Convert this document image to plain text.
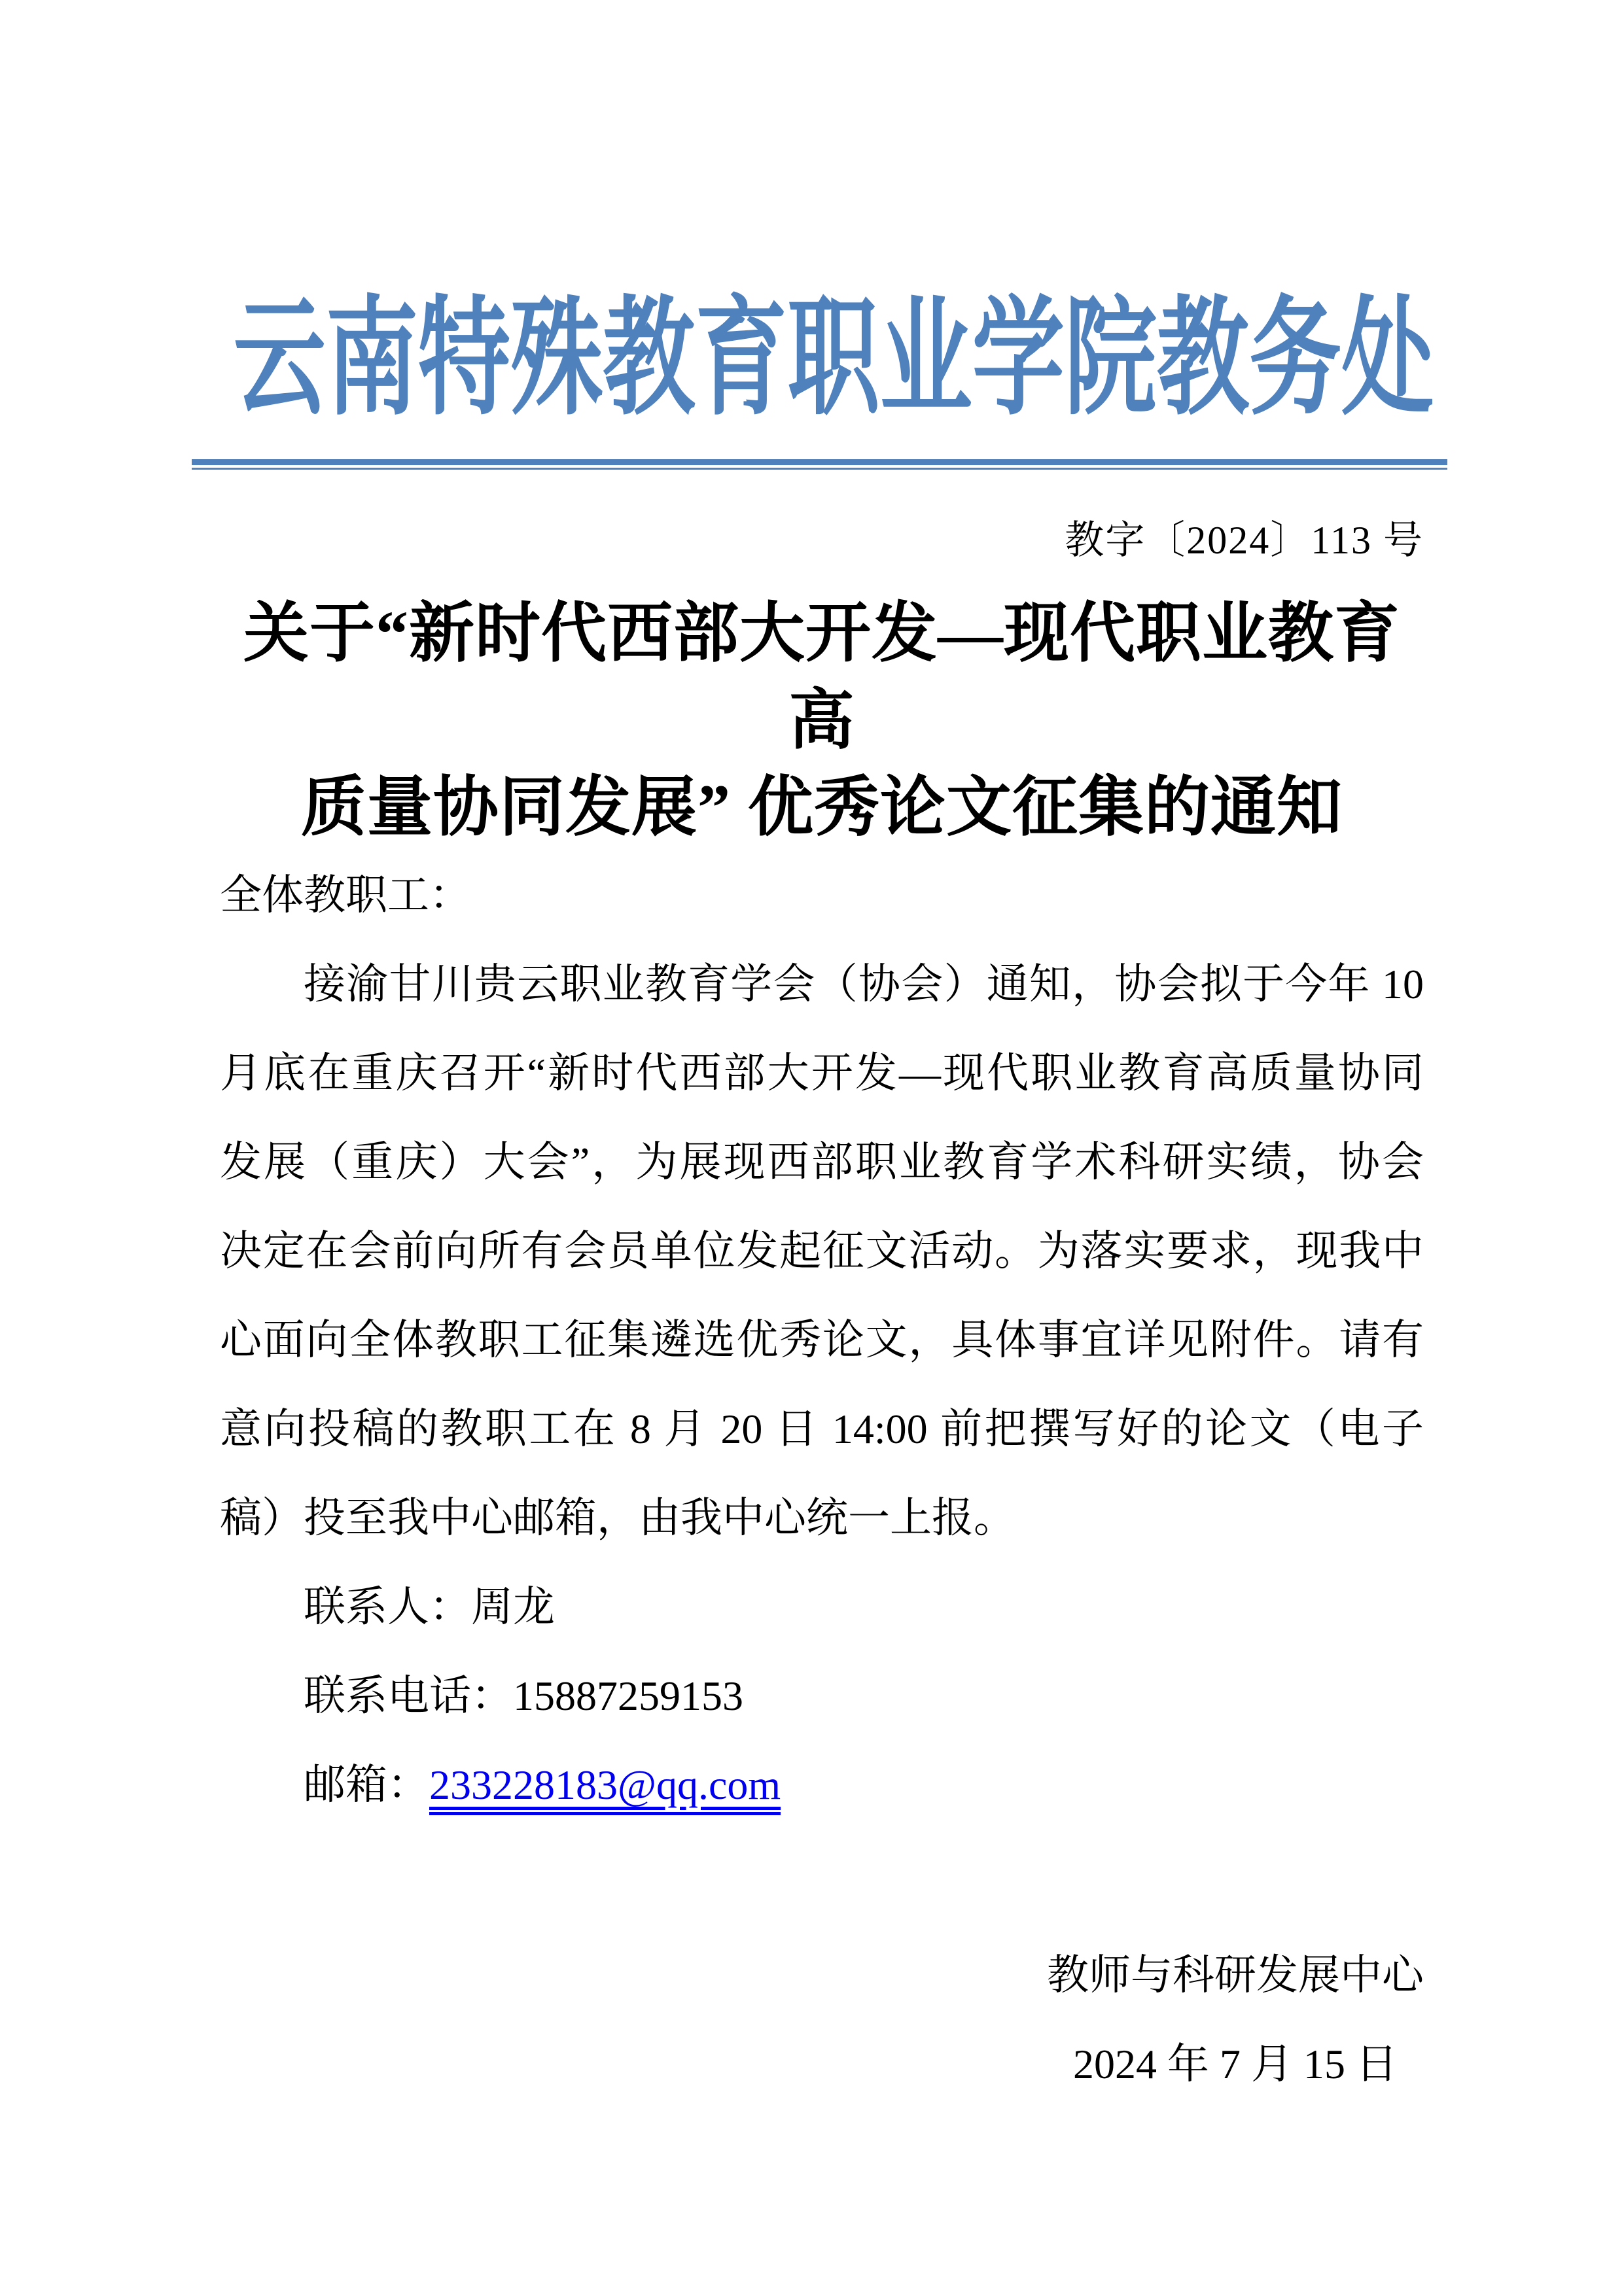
云南特殊教育职业学院教务处
教字〔2024〕113 号
关于“新时代西部大开发—现代职业教育高
质量协同发展” 优秀论文征集的通知
全体教职工：
接渝甘川贵云职业教育学会（协会）通知，协会拟于今年 10
月底在重庆召开“新时代西部大开发—现代职业教育高质量协同
发展（重庆）大会”，为展现西部职业教育学术科研实绩，协会
决定在会前向所有会员单位发起征文活动。为落实要求，现我中
心面向全体教职工征集遴选优秀论文，具体事宜详见附件。请有
意向投稿的教职工在 8 月 20 日 14:00 前把撰写好的论文（电子
稿）投至我中心邮箱，由我中心统一上报。
联系人：周龙
联系电话：15887259153
邮箱：233228183@qq.com
教师与科研发展中心
2024 年 7 月 15 日
